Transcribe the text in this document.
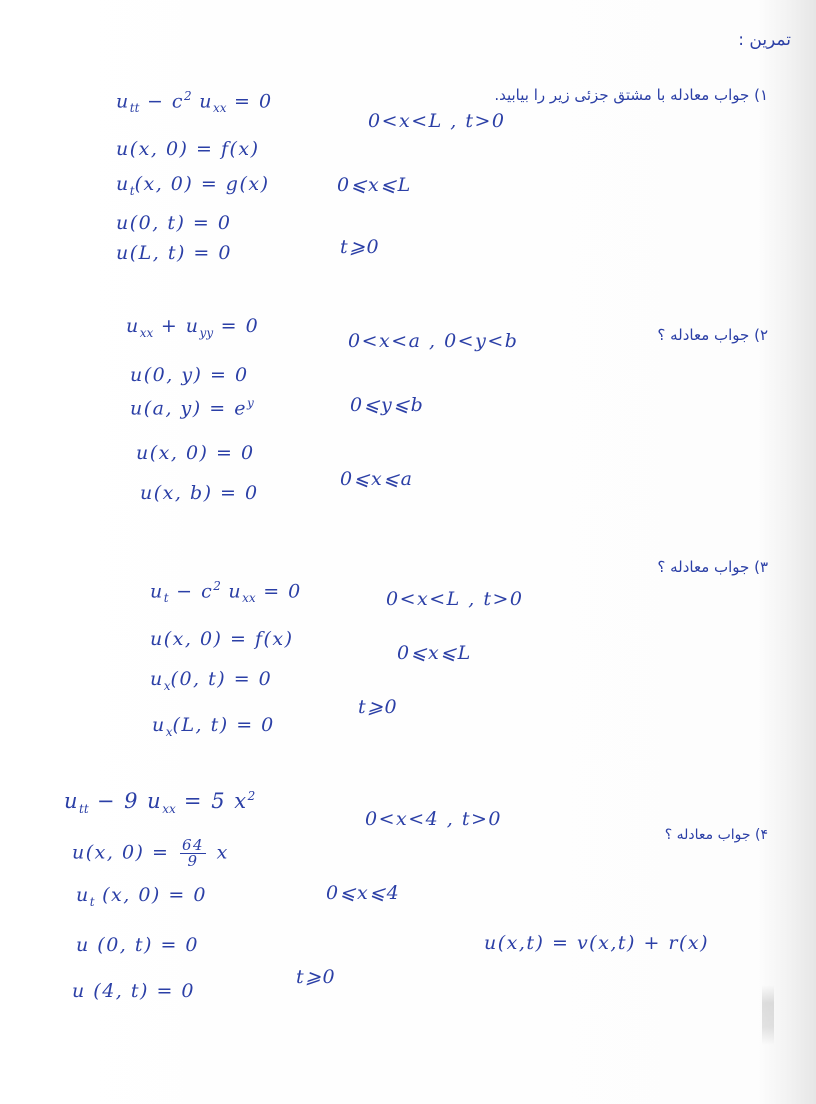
تمرین :
۱) جواب معادله با مشتق جزئی زیر را بیابید.
$u_{tt} - c^2$ $u_{xx} = 0$
0<x<L , t>0
u(x, 0) = f(x)
$u_t(x$, 0) = g(x)	0⩽x⩽L
u(0, t) = 0
u(L, t) = 0	t⩾0
۲) جواب معادله ؟
$u_{xx} + u_{yy} = 0$
0<x<a , 0<y<b
u(0, y) = 0
u(a, $y) = e^y$	0⩽y⩽b
u(x, 0) = 0
u(x, b) = 0
0⩽x⩽a
۳) جواب معادله ؟
$u_t - c^2$ $u_{xx} = 0$	0<x<L , t>0
u(x, 0) = f(x)
0⩽x⩽L
$u_x(0$, t) = 0
$u_x(L$, t) = 0
t⩾0
۴) جواب معادله ؟
$u_{tt} - 9$ $u_{xx} = 5$ $x^2$
0<x<4 , t>0
u(x, $0) = \frac{64}{9}$ x
$u_t$ (x, 0) = 0	0⩽x⩽4
u (0, t) = 0
u (4, t) = 0
t⩾0
u(x,t) = v(x,t) + r(x)
